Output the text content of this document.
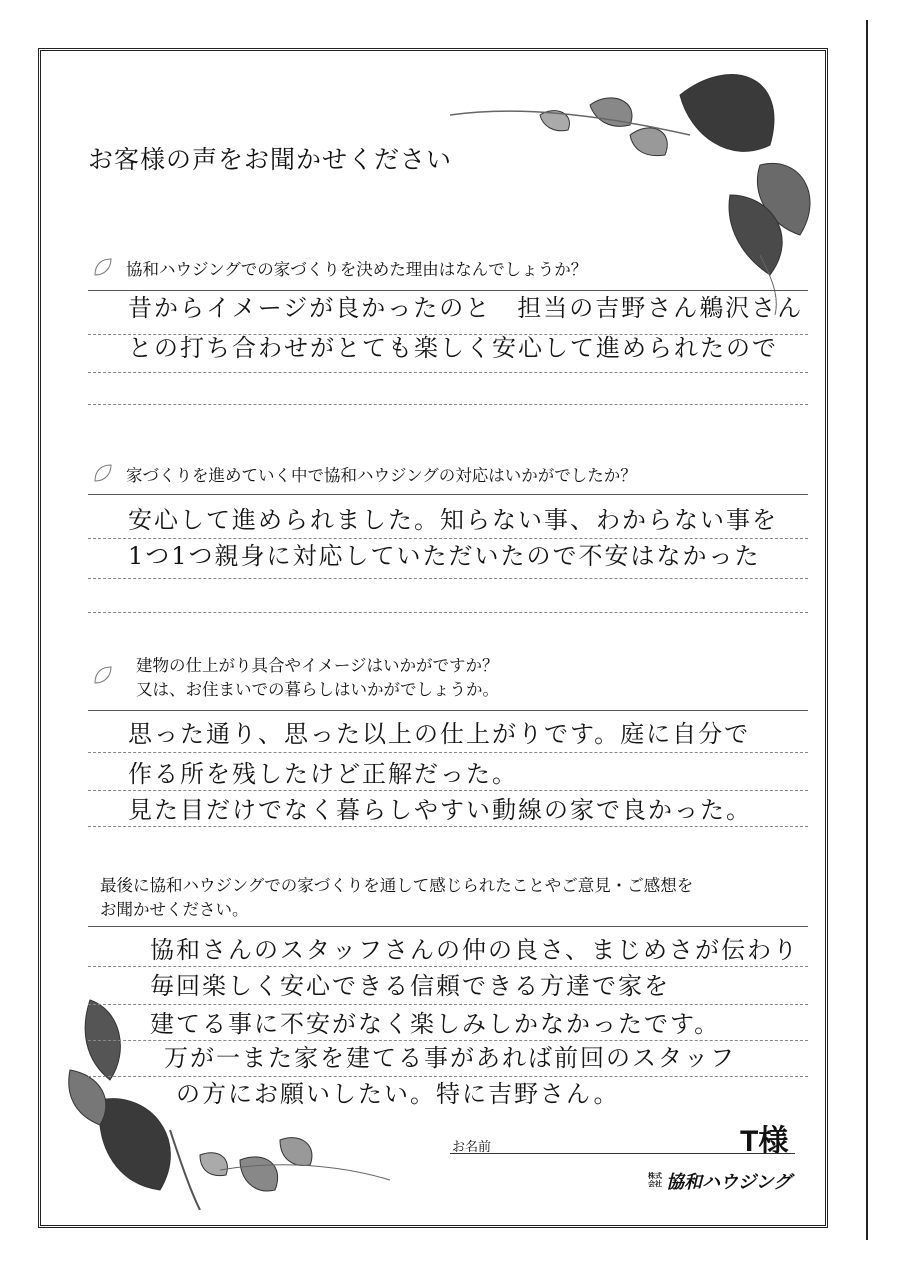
お客様の声をお聞かせください
協和ハウジングでの家づくりを決めた理由はなんでしょうか？
昔からイメージが良かったのと　担当の吉野さん鵜沢さん
との打ち合わせがとても楽しく安心して進められたので
家づくりを進めていく中で協和ハウジングの対応はいかがでしたか？
安心して進められました。知らない事、わからない事を
1つ1つ親身に対応していただいたので不安はなかった
建物の仕上がり具合やイメージはいかがですか？
又は、お住まいでの暮らしはいかがでしょうか。
思った通り、思った以上の仕上がりです。庭に自分で
作る所を残したけど正解だった。
見た目だけでなく暮らしやすい動線の家で良かった。
最後に協和ハウジングでの家づくりを通して感じられたことやご意見・ご感想を
お聞かせください。
協和さんのスタッフさんの仲の良さ、まじめさが伝わり
毎回楽しく安心できる信頼できる方達で家を
建てる事に不安がなく楽しみしかなかったです。
万が一また家を建てる事があれば前回のスタッフ
の方にお願いしたい。特に吉野さん。
お名前	T様
株式会社 協和ハウジング
